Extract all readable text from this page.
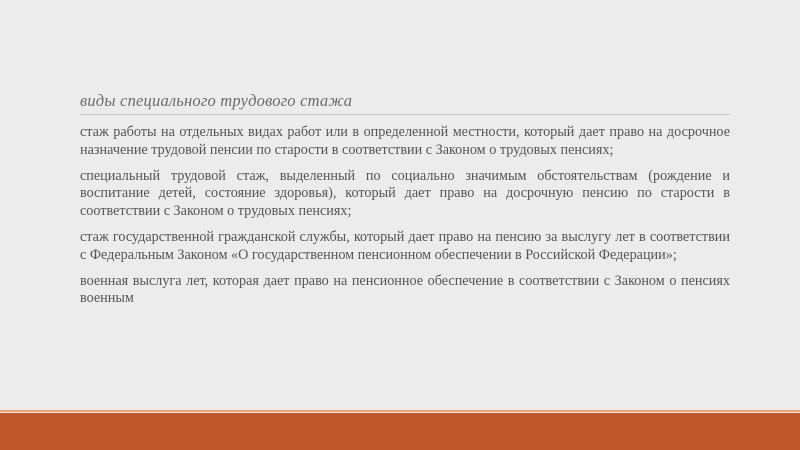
виды специального трудового стажа

стаж работы на отдельных видах работ или в определенной местности, который дает право на досрочное назначение трудовой пенсии по старости в соответствии с Законом о трудовых пенсиях;

специальный трудовой стаж, выделенный по социально значимым обстоятельствам (рождение и воспитание детей, состояние здоровья), который дает право на досрочную пенсию по старости в соответствии с Законом о трудовых пенсиях;

стаж государственной гражданской службы, который дает право на пенсию за выслугу лет в соответствии с Федеральным Законом «О государственном пенсионном обеспечении в Российской Федерации»;

военная выслуга лет, которая дает право на пенсионное обеспечение в соответствии с Законом о пенсиях военным
